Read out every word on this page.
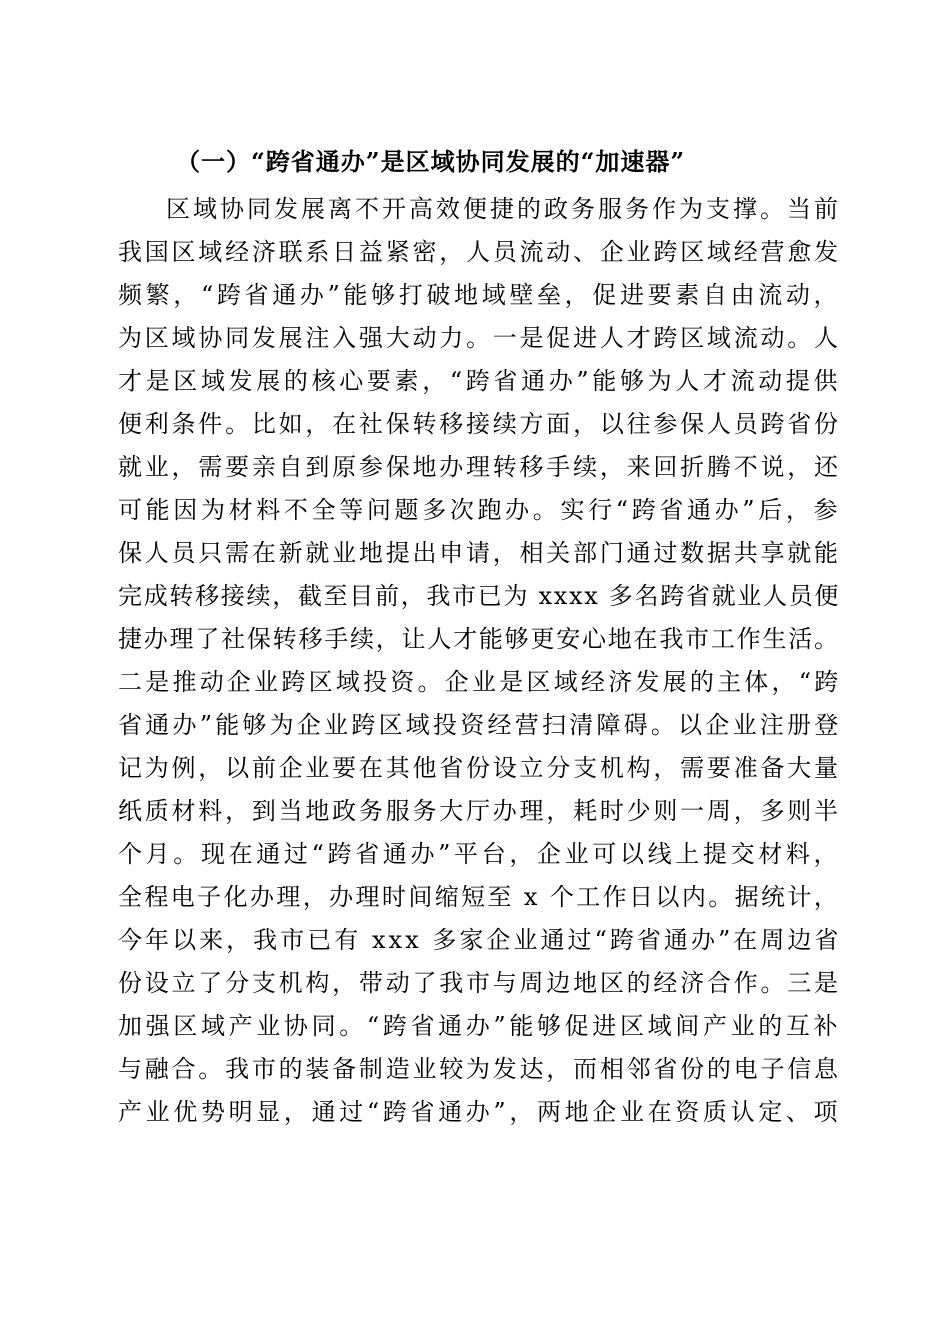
（一）“跨省通办”是区域协同发展的“加速器”
区域协同发展离不开高效便捷的政务服务作为支撑。当前
我国区域经济联系日益紧密，人员流动、企业跨区域经营愈发
频繁，“跨省通办”能够打破地域壁垒，促进要素自由流动，
为区域协同发展注入强大动力。一是促进人才跨区域流动。人
才是区域发展的核心要素，“跨省通办”能够为人才流动提供
便利条件。比如，在社保转移接续方面，以往参保人员跨省份
就业，需要亲自到原参保地办理转移手续，来回折腾不说，还
可能因为材料不全等问题多次跑办。实行“跨省通办”后，参
保人员只需在新就业地提出申请，相关部门通过数据共享就能
完成转移接续，截至目前，我市已为 xxxx 多名跨省就业人员便
捷办理了社保转移手续，让人才能够更安心地在我市工作生活。
二是推动企业跨区域投资。企业是区域经济发展的主体，“跨
省通办”能够为企业跨区域投资经营扫清障碍。以企业注册登
记为例，以前企业要在其他省份设立分支机构，需要准备大量
纸质材料，到当地政务服务大厅办理，耗时少则一周，多则半
个月。现在通过“跨省通办”平台，企业可以线上提交材料，
全程电子化办理，办理时间缩短至 x 个工作日以内。据统计，
今年以来，我市已有 xxx 多家企业通过“跨省通办”在周边省
份设立了分支机构，带动了我市与周边地区的经济合作。三是
加强区域产业协同。“跨省通办”能够促进区域间产业的互补
与融合。我市的装备制造业较为发达，而相邻省份的电子信息
产业优势明显，通过“跨省通办”，两地企业在资质认定、项
